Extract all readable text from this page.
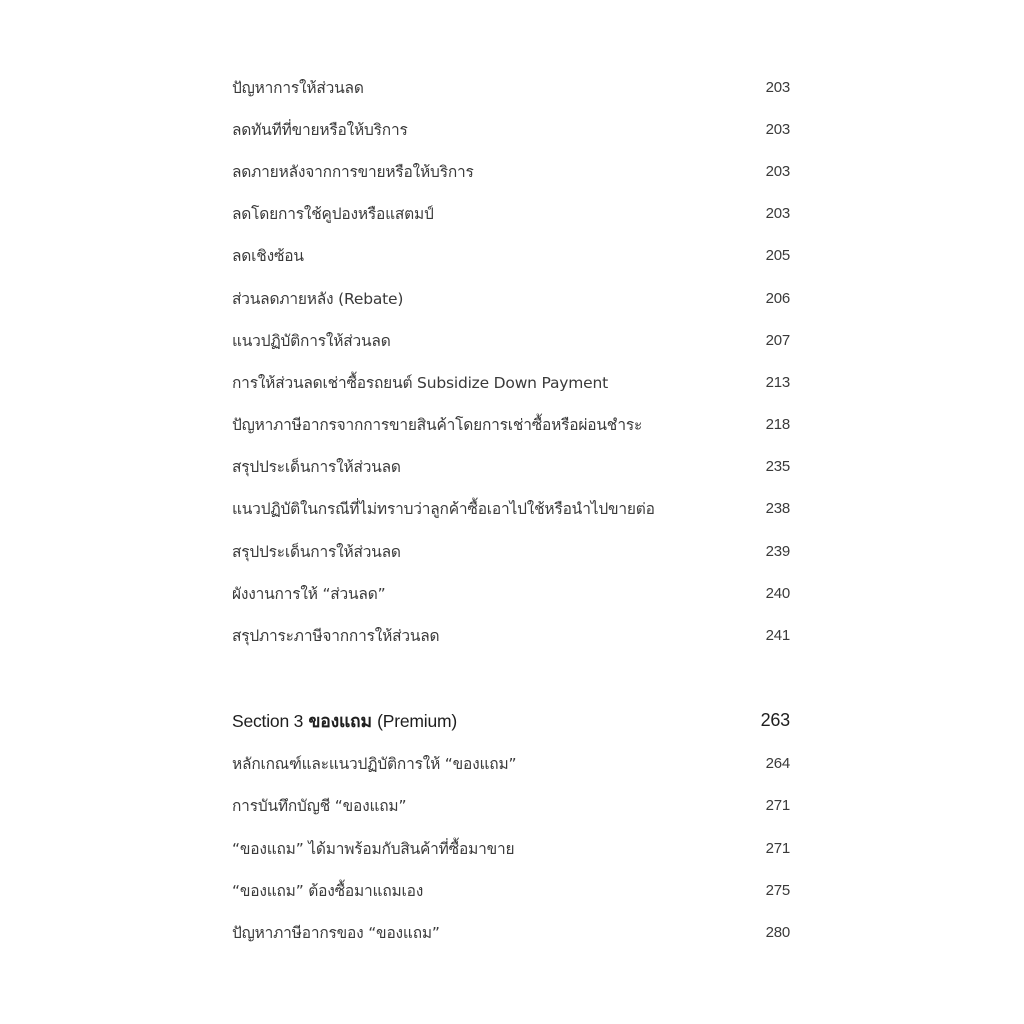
ปัญหาการให้ส่วนลด	203
ลดทันทีที่ขายหรือให้บริการ	203
ลดภายหลังจากการขายหรือให้บริการ	203
ลดโดยการใช้คูปองหรือแสตมป์	203
ลดเชิงซ้อน	205
ส่วนลดภายหลัง (Rebate)	206
แนวปฏิบัติการให้ส่วนลด	207
การให้ส่วนลดเช่าซื้อรถยนต์ Subsidize Down Payment	213
ปัญหาภาษีอากรจากการขายสินค้าโดยการเช่าซื้อหรือผ่อนชำระ	218
สรุปประเด็นการให้ส่วนลด	235
แนวปฏิบัติในกรณีที่ไม่ทราบว่าลูกค้าซื้อเอาไปใช้หรือนำไปขายต่อ	238
สรุปประเด็นการให้ส่วนลด	239
ผังงานการให้ “ส่วนลด”	240
สรุปภาระภาษีจากการให้ส่วนลด	241
Section 3 ของแถม (Premium)	263
หลักเกณฑ์และแนวปฏิบัติการให้ “ของแถม”	264
การบันทึกบัญชี “ของแถม”	271
“ของแถม” ได้มาพร้อมกับสินค้าที่ซื้อมาขาย	271
“ของแถม” ต้องซื้อมาแถมเอง	275
ปัญหาภาษีอากรของ “ของแถม”	280
